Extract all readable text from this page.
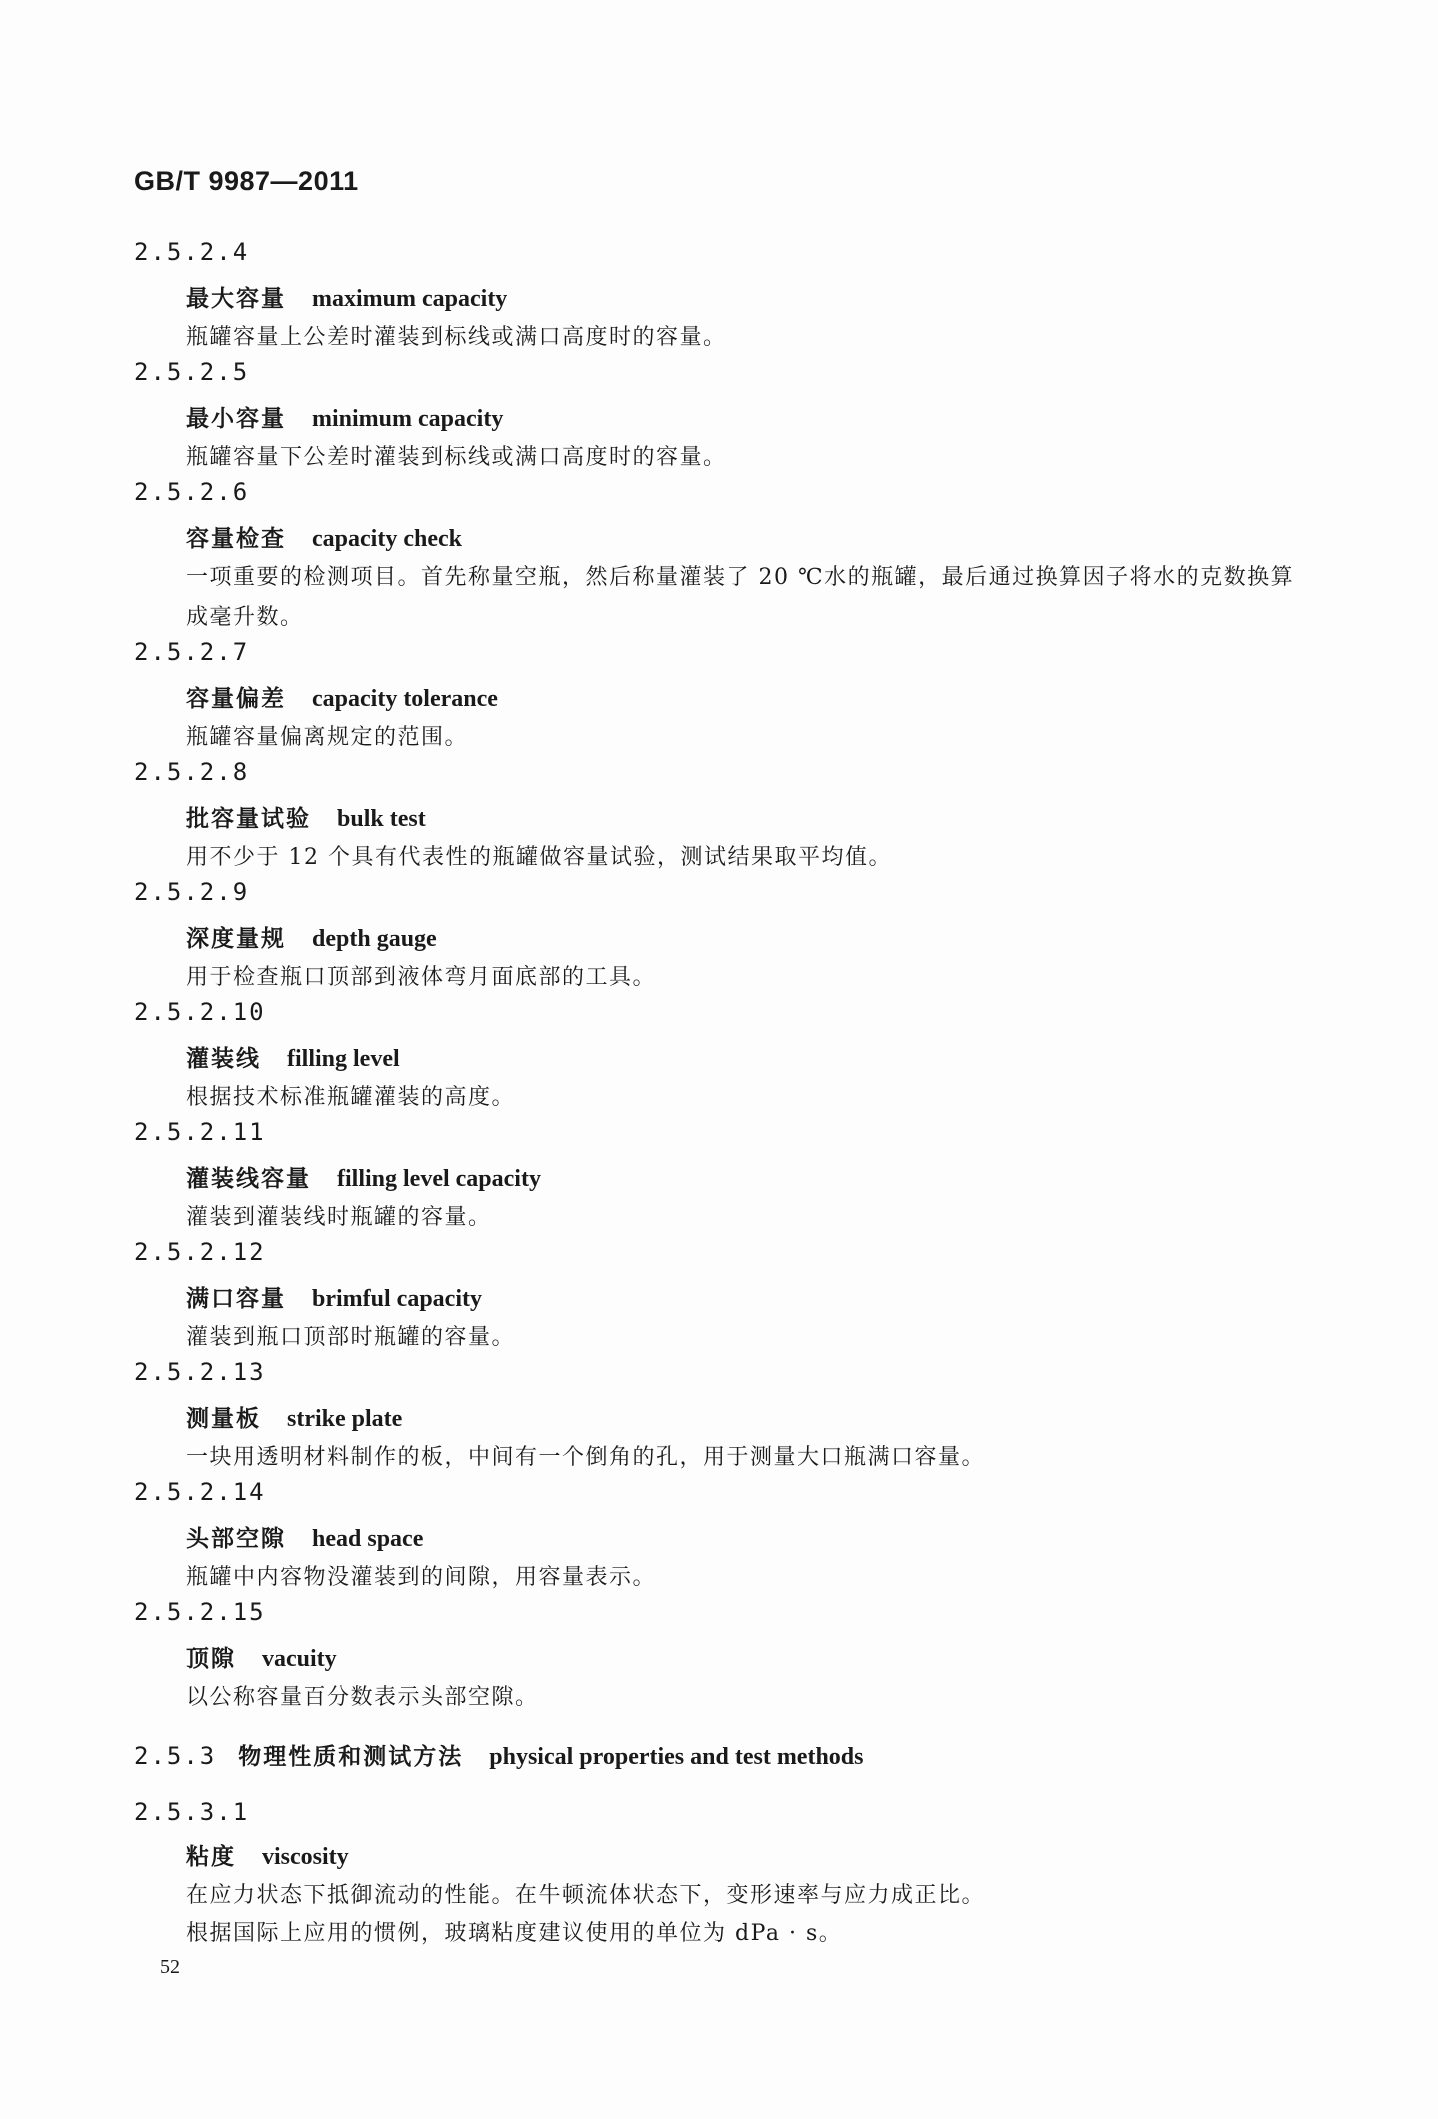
GB/T 9987—2011
2.5.2.4
最大容量 maximum capacity
瓶罐容量上公差时灌装到标线或满口高度时的容量。
2.5.2.5
最小容量 minimum capacity
瓶罐容量下公差时灌装到标线或满口高度时的容量。
2.5.2.6
容量检查 capacity check
一项重要的检测项目。首先称量空瓶，然后称量灌装了 20 ℃水的瓶罐，最后通过换算因子将水的克数换算成毫升数。
2.5.2.7
容量偏差 capacity tolerance
瓶罐容量偏离规定的范围。
2.5.2.8
批容量试验 bulk test
用不少于 12 个具有代表性的瓶罐做容量试验，测试结果取平均值。
2.5.2.9
深度量规 depth gauge
用于检查瓶口顶部到液体弯月面底部的工具。
2.5.2.10
灌装线 filling level
根据技术标准瓶罐灌装的高度。
2.5.2.11
灌装线容量 filling level capacity
灌装到灌装线时瓶罐的容量。
2.5.2.12
满口容量 brimful capacity
灌装到瓶口顶部时瓶罐的容量。
2.5.2.13
测量板 strike plate
一块用透明材料制作的板，中间有一个倒角的孔，用于测量大口瓶满口容量。
2.5.2.14
头部空隙 head space
瓶罐中内容物没灌装到的间隙，用容量表示。
2.5.2.15
顶隙 vacuity
以公称容量百分数表示头部空隙。
2.5.3 物理性质和测试方法 physical properties and test methods
2.5.3.1
粘度 viscosity
在应力状态下抵御流动的性能。在牛顿流体状态下，变形速率与应力成正比。
根据国际上应用的惯例，玻璃粘度建议使用的单位为 dPa · s。
52
